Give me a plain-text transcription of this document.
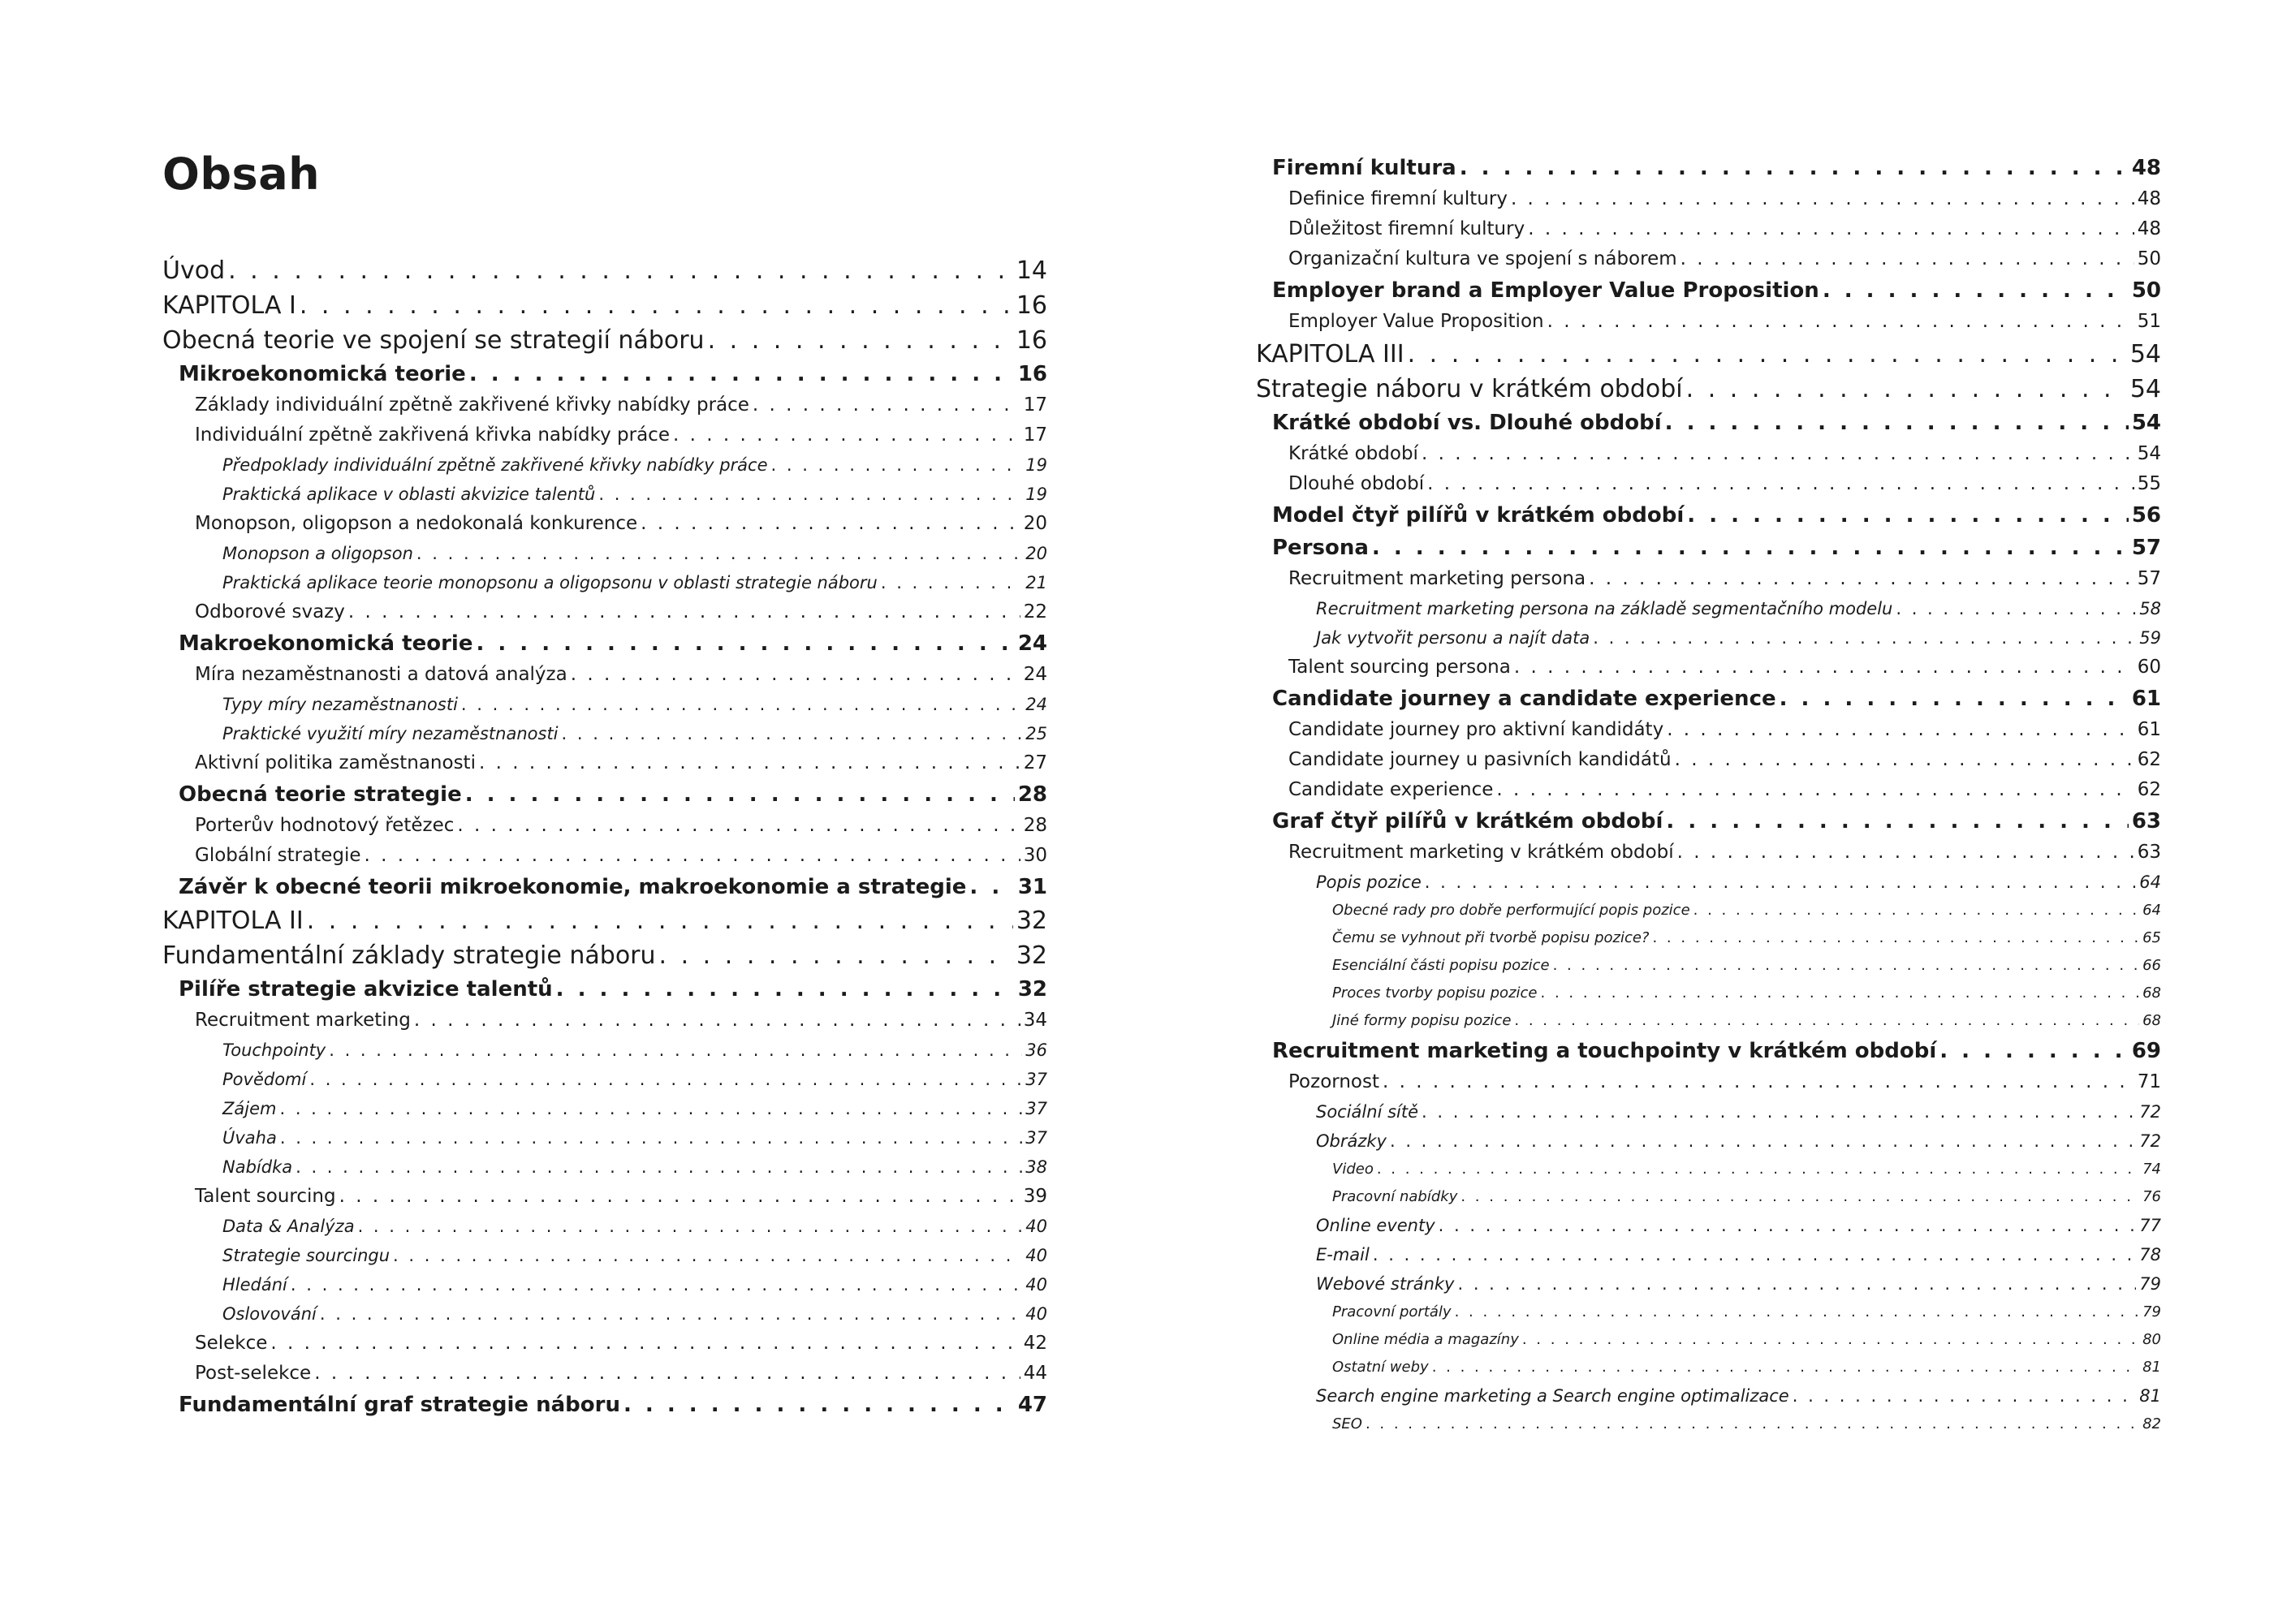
Obsah
Úvod . . .	14
KAPITOLA I . . .	16
Obecná teorie ve spojení se strategií náboru . . .	16
Mikroekonomická teorie . . .	16
Základy individuální zpětně zakřivené křivky nabídky práce . . .	17
Individuální zpětně zakřivená křivka nabídky práce . . .	17
Předpoklady individuální zpětně zakřivené křivky nabídky práce . . .	19
Praktická aplikace v oblasti akvizice talentů . . .	19
Monopson, oligopson a nedokonalá konkurence . . .	20
Monopson a oligopson . . .	20
Praktická aplikace teorie monopsonu a oligopsonu v oblasti strategie náboru . . .	21
Odborové svazy . . .	22
Makroekonomická teorie . . .	24
Míra nezaměstnanosti a datová analýza . . .	24
Typy míry nezaměstnanosti . . .	24
Praktické využití míry nezaměstnanosti . . .	25
Aktivní politika zaměstnanosti . . .	27
Obecná teorie strategie . . .	28
Porterův hodnotový řetězec . . .	28
Globální strategie . . .	30
Závěr k obecné teorii mikroekonomie, makroekonomie a strategie . . . 31
KAPITOLA II . . .	32
Fundamentální základy strategie náboru . . .	32
Pilíře strategie akvizice talentů . . .	32
Recruitment marketing . . .	34
Touchpointy . . .	36
Povědomí . . .	37
Zájem . . .	37
Úvaha . . .	37
Nabídka . . .	38
Talent sourcing . . .	39
Data & Analýza . . .	40
Strategie sourcingu . . .	40
Hledání . . .	40
Oslovování . . .	40
Selekce . . .	42
Post-selekce . . .	44
Fundamentální graf strategie náboru . . .	47
Firemní kultura . . .	48
Definice firemní kultury . . .	48
Důležitost firemní kultury . . .	48
Organizační kultura ve spojení s náborem . . .	50
Employer brand a Employer Value Proposition . . .	50
Employer Value Proposition . . .	51
KAPITOLA III . . .	54
Strategie náboru v krátkém období . . .	54
Krátké období vs. Dlouhé období . . .	54
Krátké období . . .	54
Dlouhé období . . .	55
Model čtyř pilířů v krátkém období . . .	56
Persona . . .	57
Recruitment marketing persona . . .	57
Recruitment marketing persona na základě segmentačního modelu . . .	58
Jak vytvořit personu a najít data . . .	59
Talent sourcing persona . . .	60
Candidate journey a candidate experience . . .	61
Candidate journey pro aktivní kandidáty . . .	61
Candidate journey u pasivních kandidátů . . .	62
Candidate experience . . .	62
Graf čtyř pilířů v krátkém období . . .	63
Recruitment marketing v krátkém období . . .	63
Popis pozice . . .	64
Obecné rady pro dobře performující popis pozice . . .	64
Čemu se vyhnout při tvorbě popisu pozice? . . .	65
Esenciální části popisu pozice . . .	66
Proces tvorby popisu pozice . . .	68
Jiné formy popisu pozice . . .	68
Recruitment marketing a touchpointy v krátkém období . . .	69
Pozornost . . .	71
Sociální sítě . . .	72
Obrázky . . .	72
Video . . .	74
Pracovní nabídky . . .	76
Online eventy . . .	77
E-mail . . .	78
Webové stránky . . .	79
Pracovní portály . . .	79
Online média a magazíny . . .	80
Ostatní weby . . .	81
Search engine marketing a Search engine optimalizace . . .	81
SEO . . .	82
